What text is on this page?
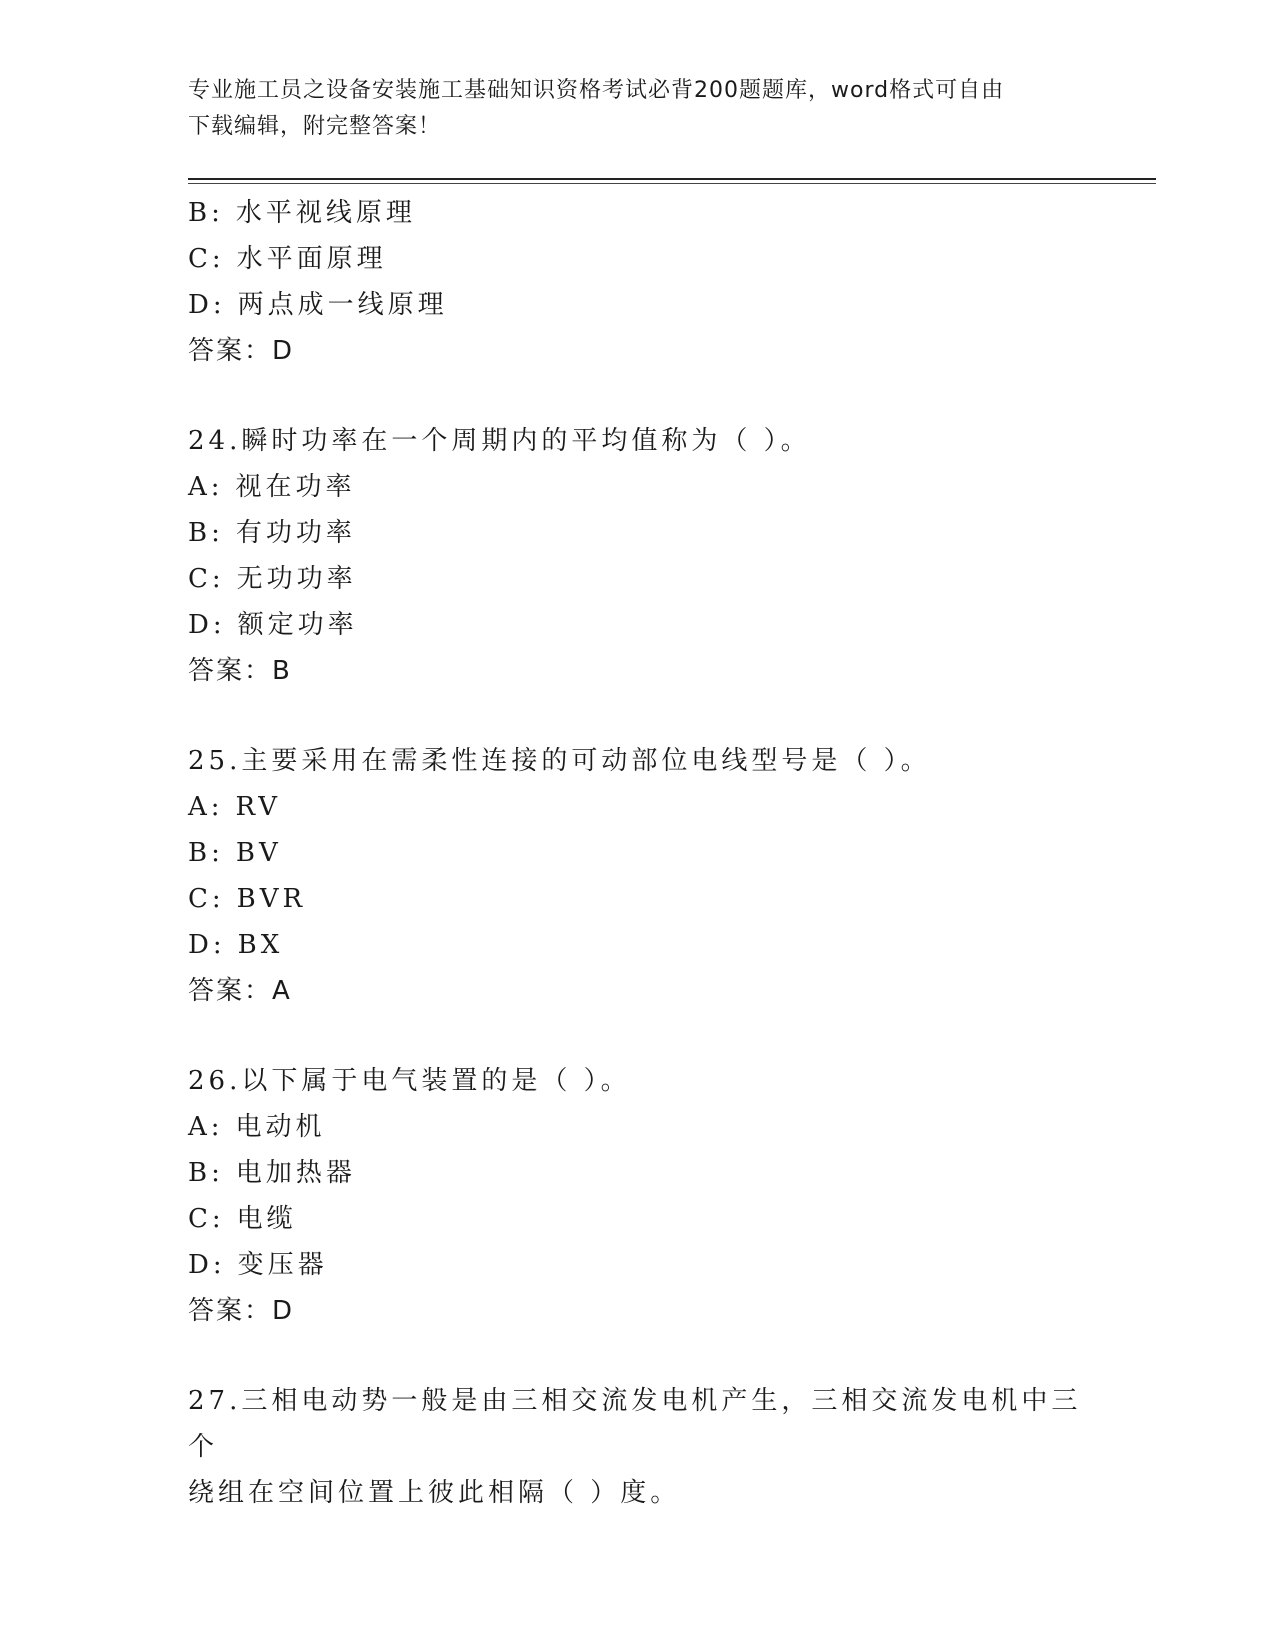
专业施工员之设备安装施工基础知识资格考试必背200题题库，word格式可自由
下载编辑，附完整答案！
B: 水平视线原理
C: 水平面原理
D: 两点成一线原理
答案：D
24.瞬时功率在一个周期内的平均值称为（ ）。
A: 视在功率
B: 有功功率
C: 无功功率
D: 额定功率
答案：B
25.主要采用在需柔性连接的可动部位电线型号是（ ）。
A: RV
B: BV
C: BVR
D: BX
答案：A
26.以下属于电气装置的是（ ）。
A: 电动机
B: 电加热器
C: 电缆
D: 变压器
答案：D
27.三相电动势一般是由三相交流发电机产生，三相交流发电机中三个
绕组在空间位置上彼此相隔（ ）度。
